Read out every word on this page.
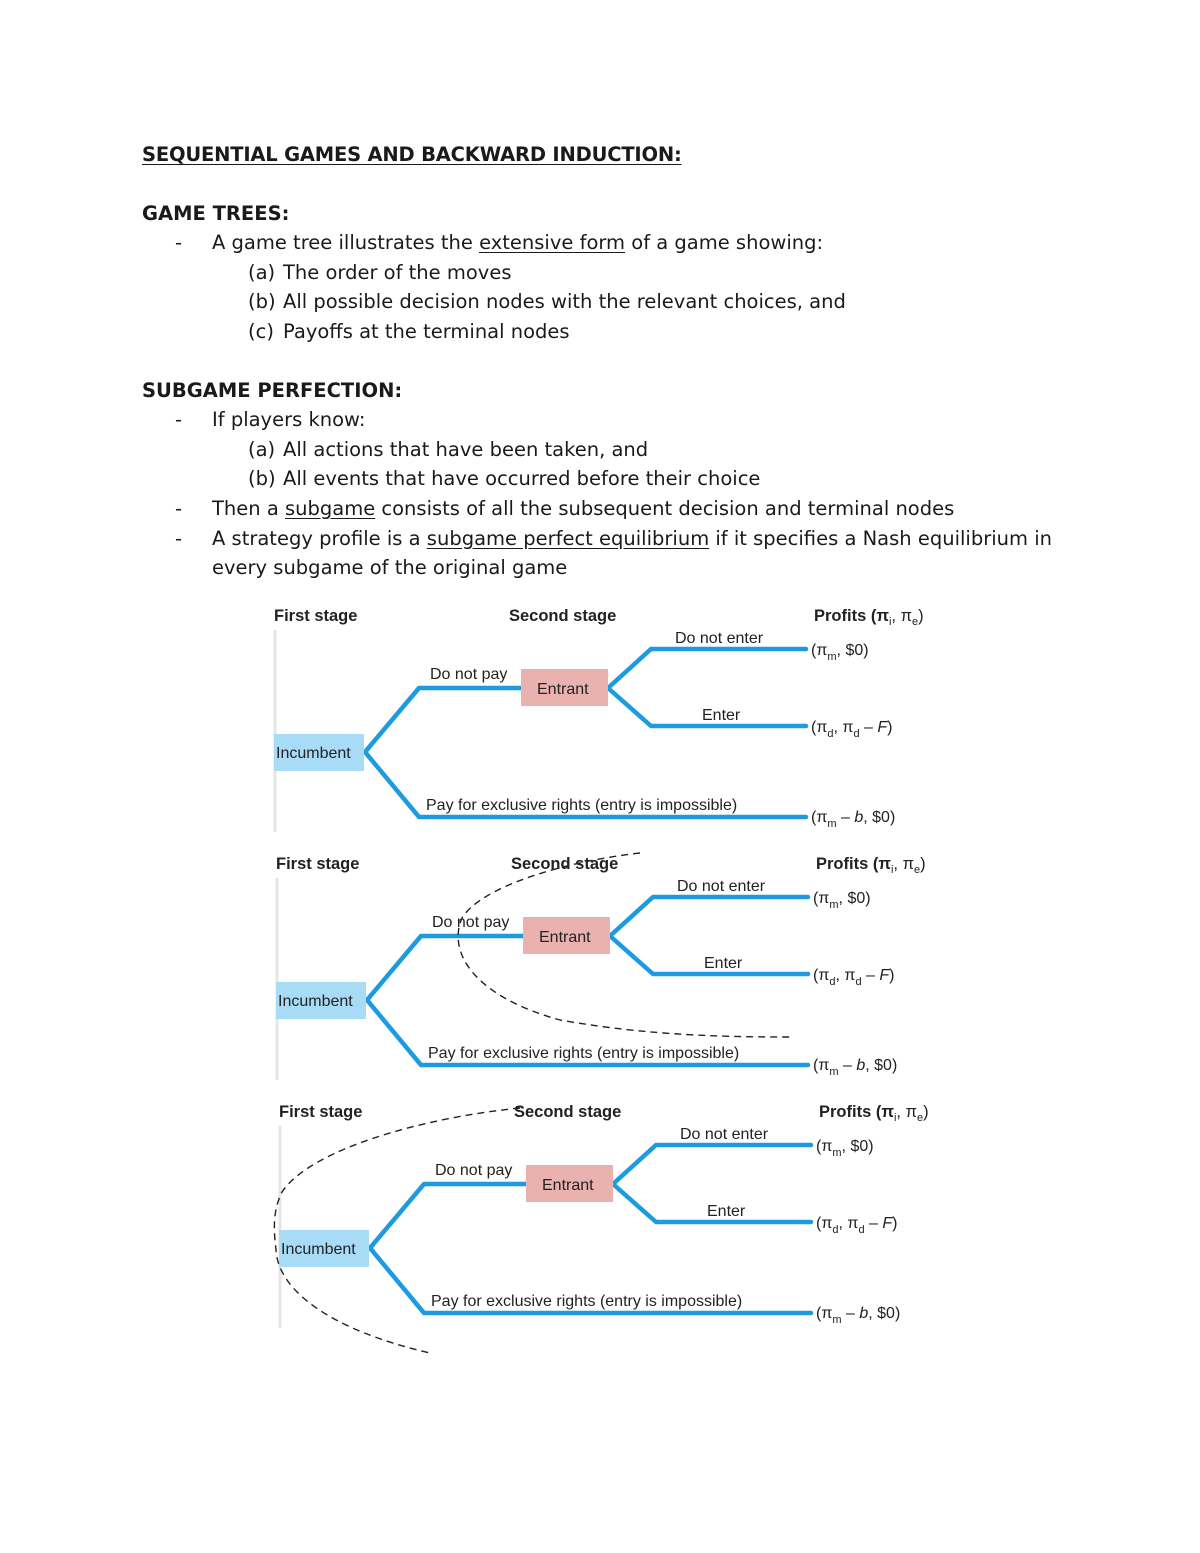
SEQUENTIAL GAMES AND BACKWARD INDUCTION:

GAME TREES:

- A game tree illustrates the extensive form of a game showing:

(a) The order of the moves

(b) All possible decision nodes with the relevant choices, and

(c) Payoffs at the terminal nodes

SUBGAME PERFECTION:

- If players know:

(a) All actions that have been taken, and

(b) All events that have occurred before their choice

- Then a subgame consists of all the subsequent decision and terminal nodes

- A strategy profile is a subgame perfect equilibrium if it specifies a Nash equilibrium in every subgame of the original game
